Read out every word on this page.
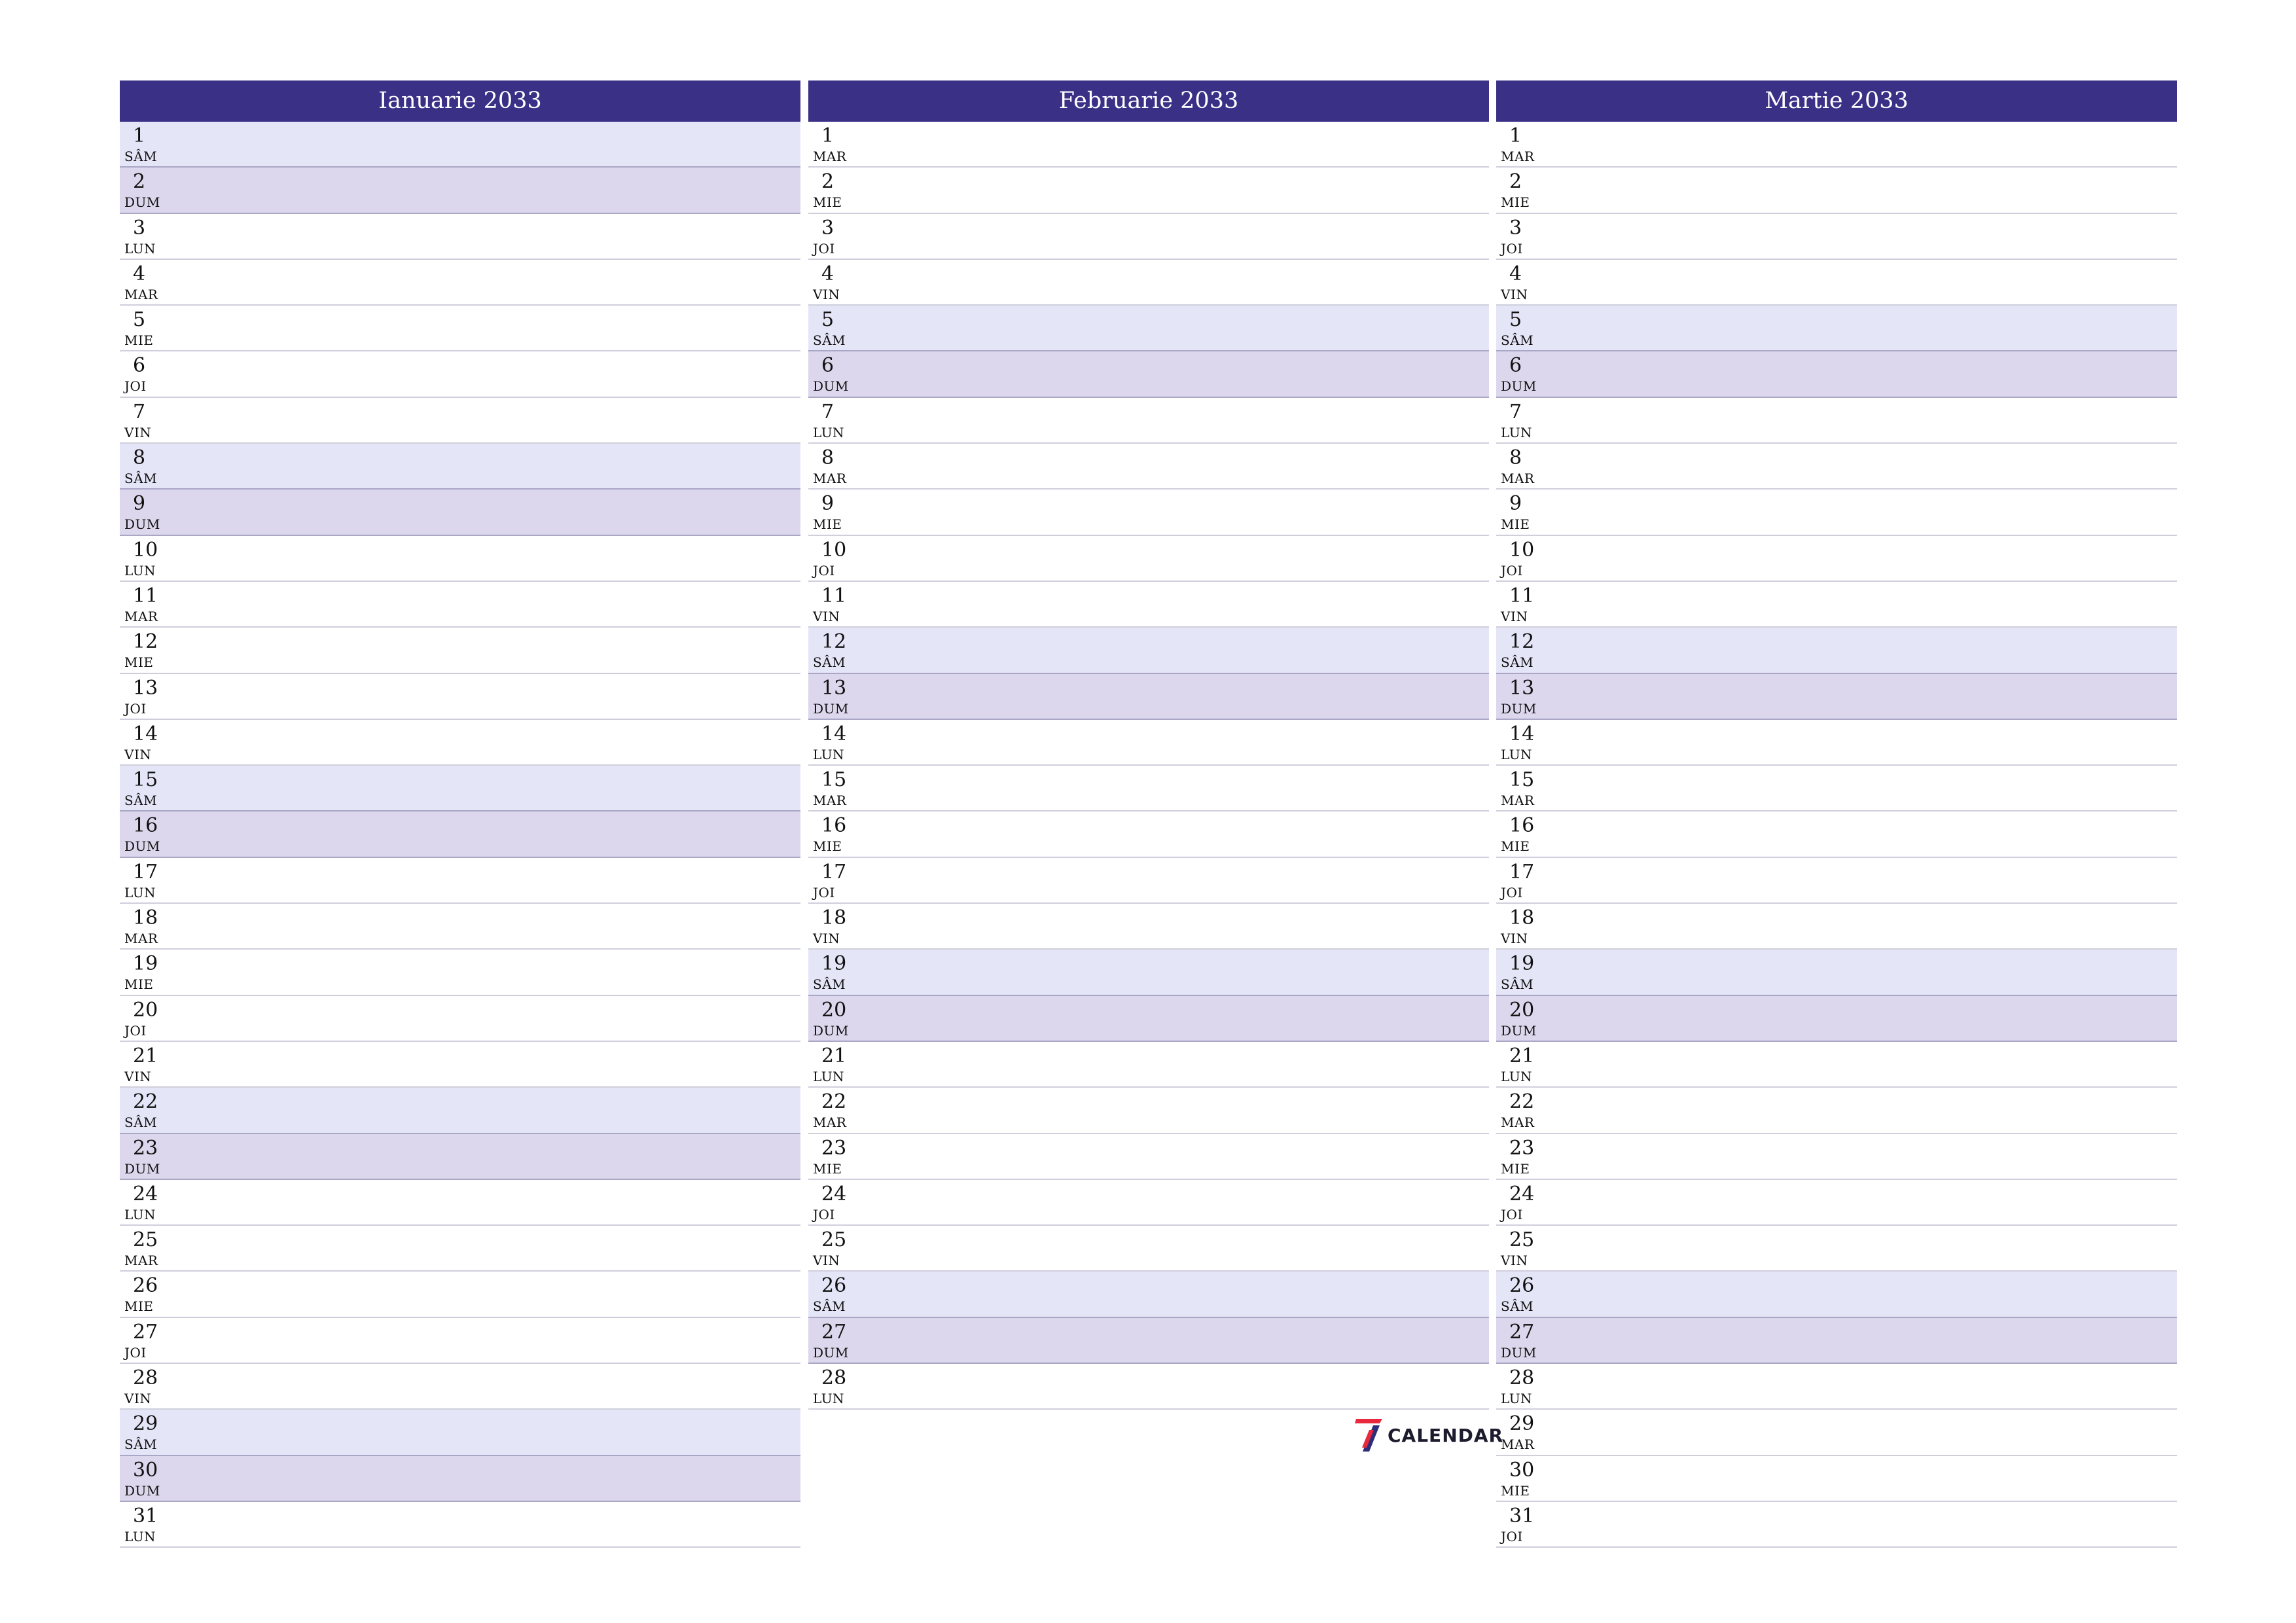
Ianuarie 2033
1
SÂM
2
DUM
3
LUN
4
MAR
5
MIE
6
JOI
7
VIN
8
SÂM
9
DUM
10
LUN
11
MAR
12
MIE
13
JOI
14
VIN
15
SÂM
16
DUM
17
LUN
18
MAR
19
MIE
20
JOI
21
VIN
22
SÂM
23
DUM
24
LUN
25
MAR
26
MIE
27
JOI
28
VIN
29
SÂM
30
DUM
31
LUN
Februarie 2033
1
MAR
2
MIE
3
JOI
4
VIN
5
SÂM
6
DUM
7
LUN
8
MAR
9
MIE
10
JOI
11
VIN
12
SÂM
13
DUM
14
LUN
15
MAR
16
MIE
17
JOI
18
VIN
19
SÂM
20
DUM
21
LUN
22
MAR
23
MIE
24
JOI
25
VIN
26
SÂM
27
DUM
28
LUN
Martie 2033
1
MAR
2
MIE
3
JOI
4
VIN
5
SÂM
6
DUM
7
LUN
8
MAR
9
MIE
10
JOI
11
VIN
12
SÂM
13
DUM
14
LUN
15
MAR
16
MIE
17
JOI
18
VIN
19
SÂM
20
DUM
21
LUN
22
MAR
23
MIE
24
JOI
25
VIN
26
SÂM
27
DUM
28
LUN
29
MAR
30
MIE
31
JOI
CALENDAR
